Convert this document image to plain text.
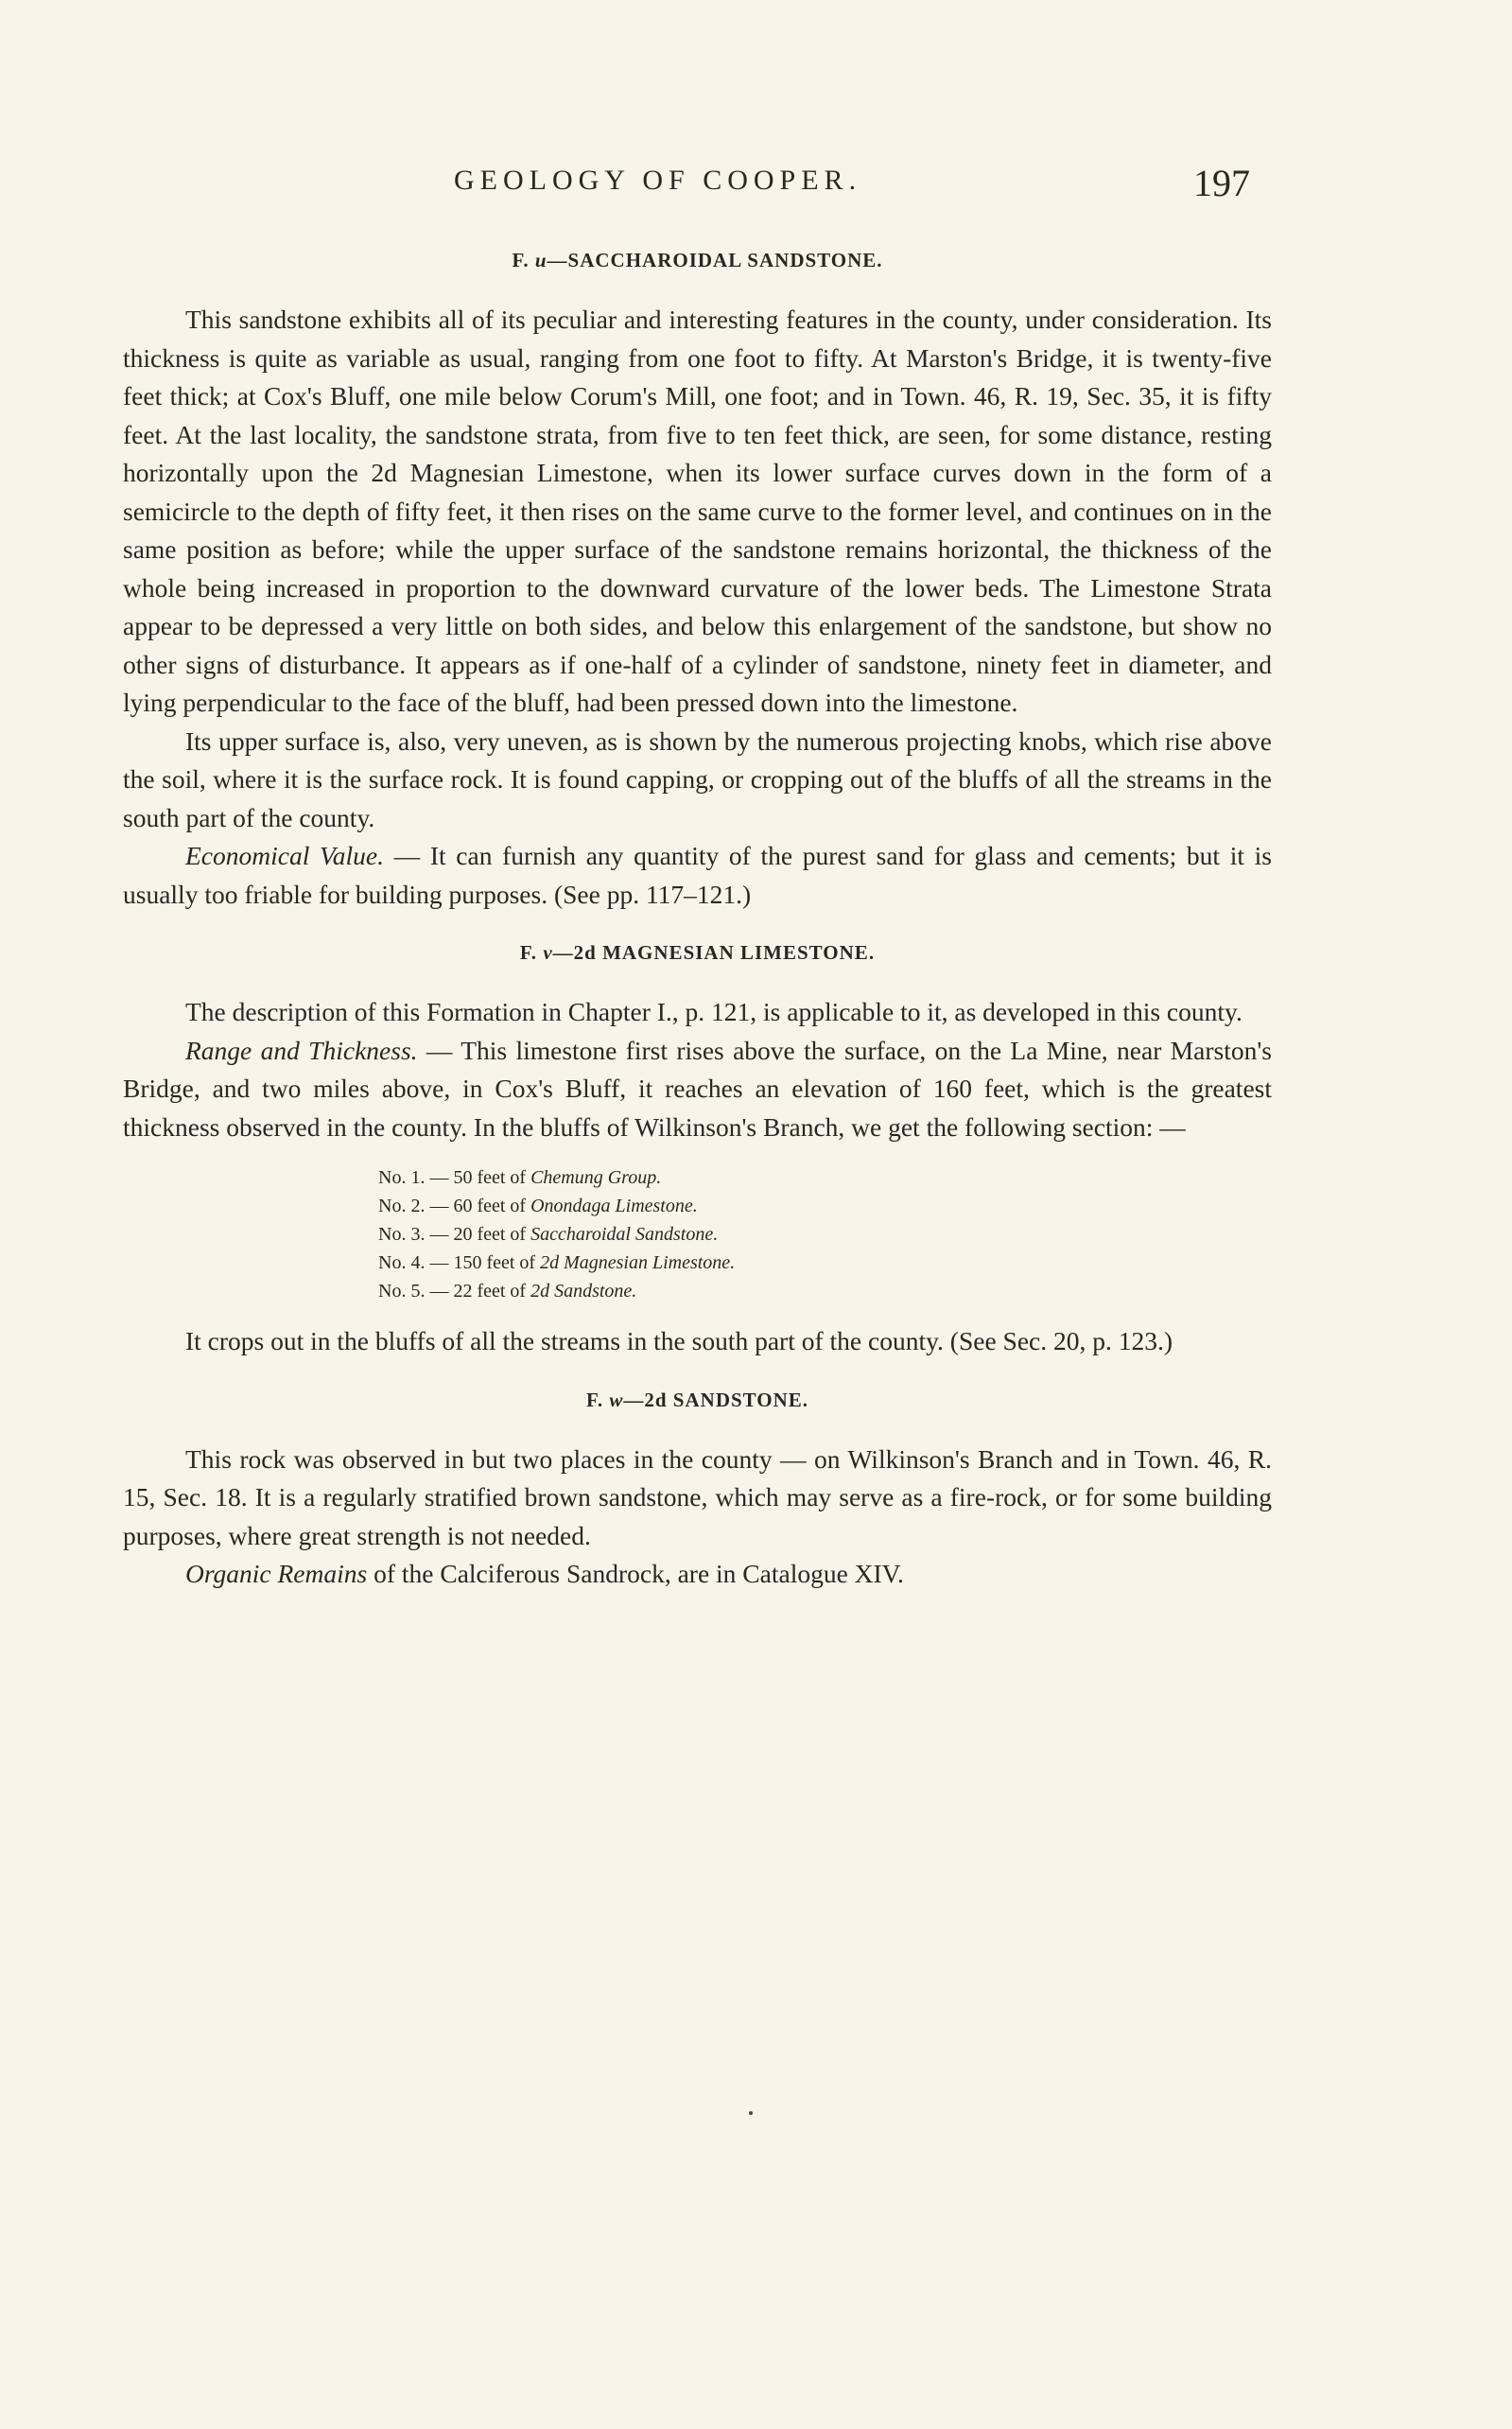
GEOLOGY OF COOPER.	197
F. u—SACCHAROIDAL SANDSTONE.

This sandstone exhibits all of its peculiar and interesting features in the county, under consideration. Its thickness is quite as variable as usual, ranging from one foot to fifty. At Marston's Bridge, it is twenty-five feet thick; at Cox's Bluff, one mile below Corum's Mill, one foot; and in Town. 46, R. 19, Sec. 35, it is fifty feet. At the last locality, the sandstone strata, from five to ten feet thick, are seen, for some distance, resting horizontally upon the 2d Magnesian Limestone, when its lower surface curves down in the form of a semicircle to the depth of fifty feet, it then rises on the same curve to the former level, and continues on in the same position as before; while the upper surface of the sandstone remains horizontal, the thickness of the whole being increased in proportion to the downward curvature of the lower beds. The Limestone Strata appear to be depressed a very little on both sides, and below this enlargement of the sandstone, but show no other signs of disturbance. It appears as if one-half of a cylinder of sandstone, ninety feet in diameter, and lying perpendicular to the face of the bluff, had been pressed down into the limestone.

Its upper surface is, also, very uneven, as is shown by the numerous projecting knobs, which rise above the soil, where it is the surface rock. It is found capping, or cropping out of the bluffs of all the streams in the south part of the county.

Economical Value. — It can furnish any quantity of the purest sand for glass and cements; but it is usually too friable for building purposes. (See pp. 117–121.)

F. v—2d MAGNESIAN LIMESTONE.

The description of this Formation in Chapter I., p. 121, is applicable to it, as developed in this county.

Range and Thickness. — This limestone first rises above the surface, on the La Mine, near Marston's Bridge, and two miles above, in Cox's Bluff, it reaches an elevation of 160 feet, which is the greatest thickness observed in the county. In the bluffs of Wilkinson's Branch, we get the following section: —

No. 1. — 50 feet of Chemung Group.
No. 2. — 60 feet of Onondaga Limestone.
No. 3. — 20 feet of Saccharoidal Sandstone.
No. 4. — 150 feet of 2d Magnesian Limestone.
No. 5. — 22 feet of 2d Sandstone.

It crops out in the bluffs of all the streams in the south part of the county. (See Sec. 20, p. 123.)

F. w—2d SANDSTONE.

This rock was observed in but two places in the county — on Wilkinson's Branch and in Town. 46, R. 15, Sec. 18. It is a regularly stratified brown sandstone, which may serve as a fire-rock, or for some building purposes, where great strength is not needed.

Organic Remains of the Calciferous Sandrock, are in Catalogue XIV.
